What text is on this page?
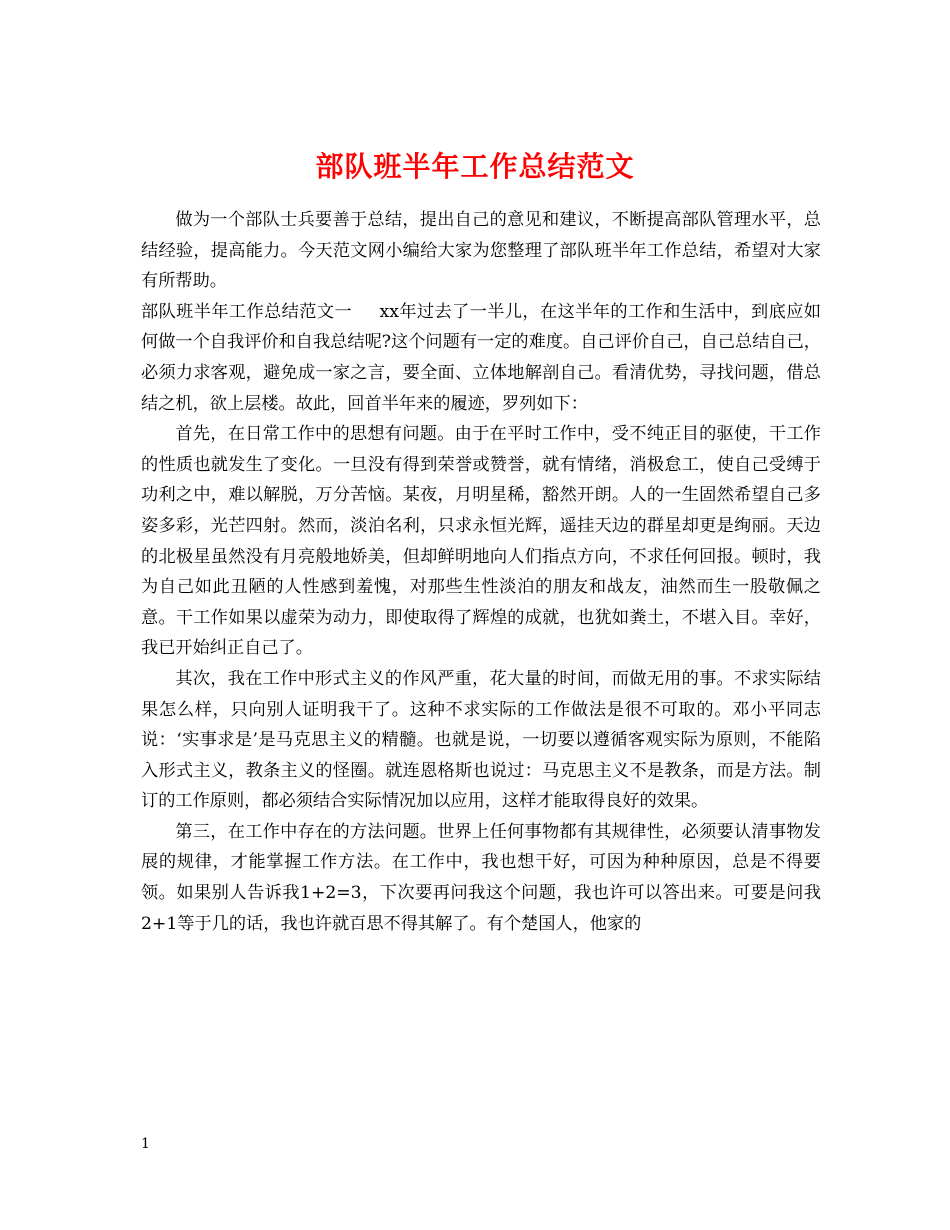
部队班半年工作总结范文

做为一个部队士兵要善于总结，提出自己的意见和建议，不断提高部队管理水平，总结经验，提高能力。今天范文网小编给大家为您整理了部队班半年工作总结，希望对大家有所帮助。

部队班半年工作总结范文一 xx年过去了一半儿，在这半年的工作和生活中，到底应如何做一个自我评价和自我总结呢?这个问题有一定的难度。自己评价自己，自己总结自己，必须力求客观，避免成一家之言，要全面、立体地解剖自己。看清优势，寻找问题，借总结之机，欲上层楼。故此，回首半年来的履迹，罗列如下：

首先，在日常工作中的思想有问题。由于在平时工作中，受不纯正目的驱使，干工作的性质也就发生了变化。一旦没有得到荣誉或赞誉，就有情绪，消极怠工，使自己受缚于功利之中，难以解脱，万分苦恼。某夜，月明星稀，豁然开朗。人的一生固然希望自己多姿多彩，光芒四射。然而，淡泊名利，只求永恒光辉，遥挂天边的群星却更是绚丽。天边的北极星虽然没有月亮般地娇美，但却鲜明地向人们指点方向，不求任何回报。顿时，我为自己如此丑陋的人性感到羞愧，对那些生性淡泊的朋友和战友，油然而生一股敬佩之意。干工作如果以虚荣为动力，即使取得了辉煌的成就，也犹如粪土，不堪入目。幸好，我已开始纠正自己了。

其次，我在工作中形式主义的作风严重，花大量的时间，而做无用的事。不求实际结果怎么样，只向别人证明我干了。这种不求实际的工作做法是很不可取的。邓小平同志说：‘实事求是’是马克思主义的精髓。也就是说，一切要以遵循客观实际为原则，不能陷入形式主义，教条主义的怪圈。就连恩格斯也说过：马克思主义不是教条，而是方法。制订的工作原则，都必须结合实际情况加以应用，这样才能取得良好的效果。

第三，在工作中存在的方法问题。世界上任何事物都有其规律性，必须要认清事物发展的规律，才能掌握工作方法。在工作中，我也想干好，可因为种种原因，总是不得要领。如果别人告诉我1+2=3，下次要再问我这个问题，我也许可以答出来。可要是问我2+1等于几的话，我也许就百思不得其解了。有个楚国人，他家的

1
